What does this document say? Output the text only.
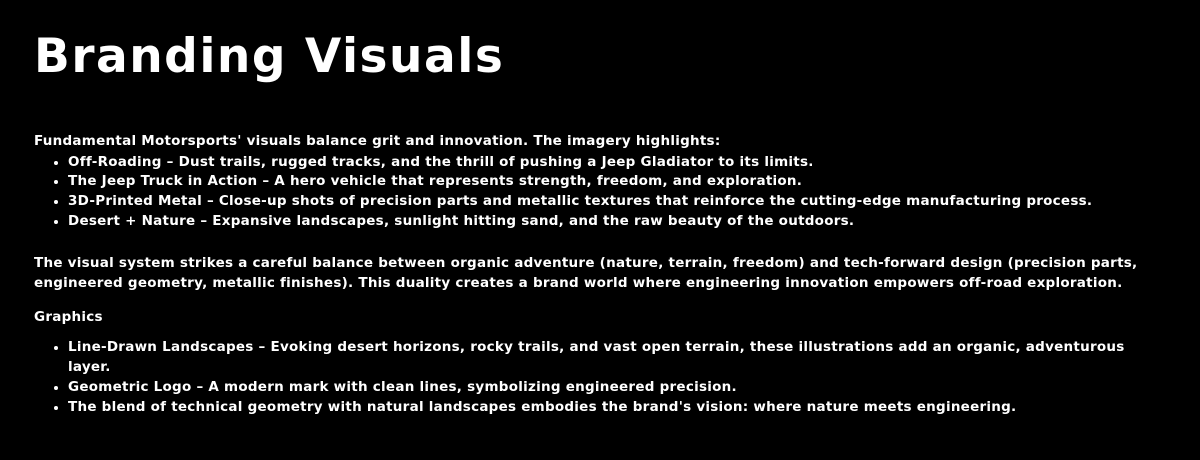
Branding Visuals

Fundamental Motorsports' visuals balance grit and innovation. The imagery highlights:

Off-Roading – Dust trails, rugged tracks, and the thrill of pushing a Jeep Gladiator to its limits.
The Jeep Truck in Action – A hero vehicle that represents strength, freedom, and exploration.
3D-Printed Metal – Close-up shots of precision parts and metallic textures that reinforce the cutting-edge manufacturing process.
Desert + Nature – Expansive landscapes, sunlight hitting sand, and the raw beauty of the outdoors.

The visual system strikes a careful balance between organic adventure (nature, terrain, freedom) and tech-forward design (precision parts, engineered geometry, metallic finishes). This duality creates a brand world where engineering innovation empowers off-road exploration.

Graphics

Line-Drawn Landscapes – Evoking desert horizons, rocky trails, and vast open terrain, these illustrations add an organic, adventurous layer.
Geometric Logo – A modern mark with clean lines, symbolizing engineered precision.
The blend of technical geometry with natural landscapes embodies the brand's vision: where nature meets engineering.
